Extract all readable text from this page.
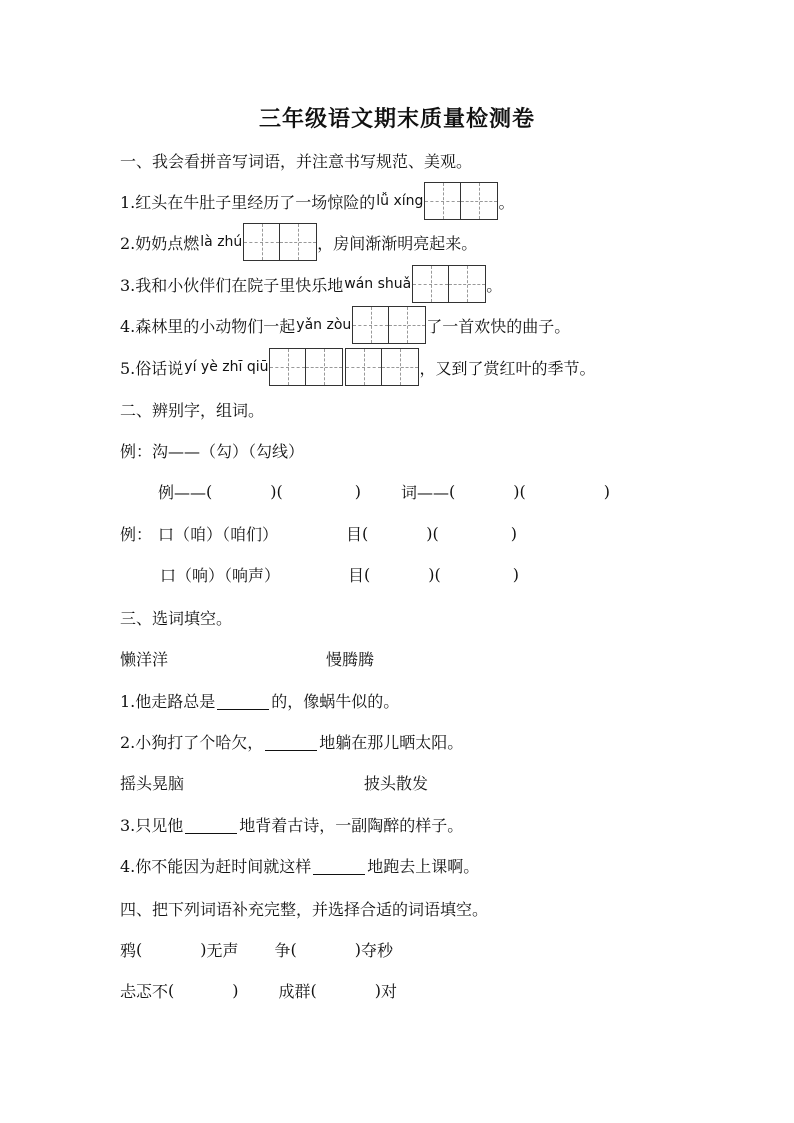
三年级语文期末质量检测卷
一、我会看拼音写词语，并注意书写规范、美观。
1.红头在牛肚子里经历了一场惊险的 lǚ xíng	。
2.奶奶点燃 là zhú	，房间渐渐明亮起来。
3.我和小伙伴们在院子里快乐地 wán shuǎ	。
4.森林里的小动物们一起 yǎn zòu	了一首欢快的曲子。
5.俗话说 yí yè zhī qiū	，又到了赏红叶的季节。
二、辨别字，组词。
例：沟——（勾）（勾线）
例—— (	) (	)	词—— (	) (	)
例： 口（咱）（咱们）	目 (	) (	)
口（响）（响声）	目 (	) (	)
三、选词填空。
懒洋洋	慢腾腾
1.他走路总是	的，像蜗牛似的。
2.小狗打了个哈欠，	地躺在那儿晒太阳。
摇头晃脑	披头散发
3.只见他	地背着古诗，一副陶醉的样子。
4.你不能因为赶时间就这样	地跑去上课啊。
四、把下列词语补充完整，并选择合适的词语填空。
鸦 (	) 无声 争 (	) 夺秒
忐忑不 (	)	成群 (	) 对
